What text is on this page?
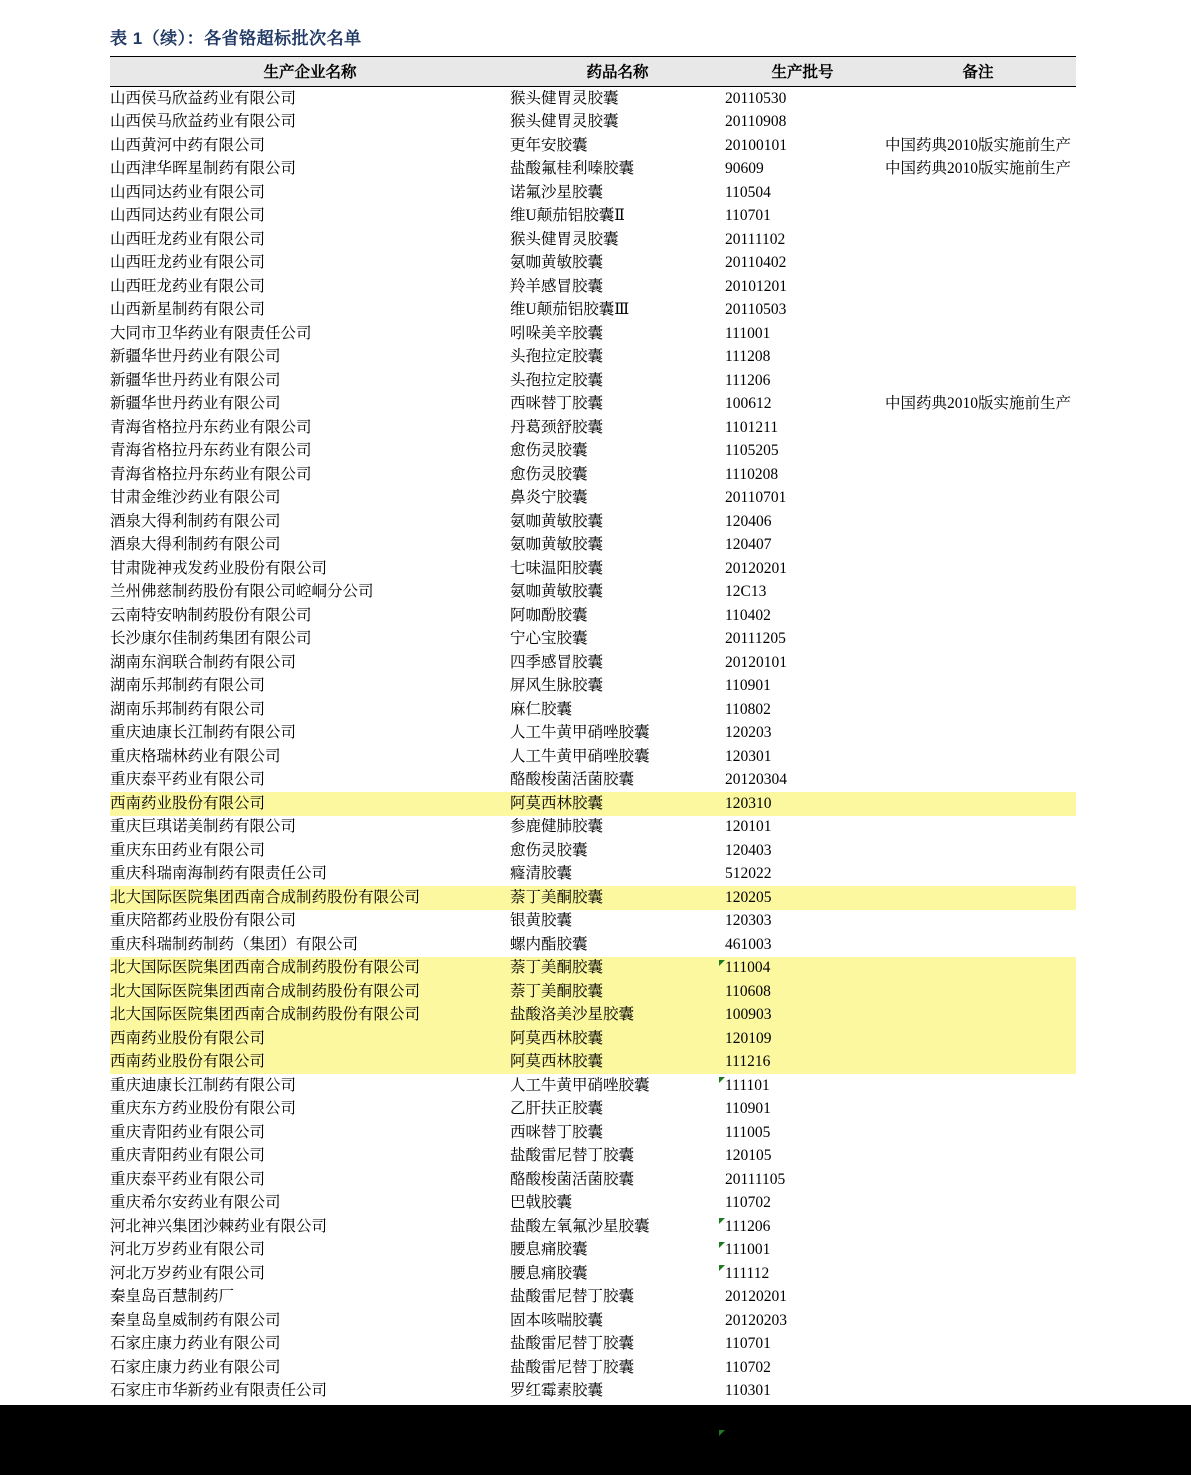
表 1（续）：各省铬超标批次名单
生产企业名称	药品名称	生产批号	备注
山西侯马欣益药业有限公司	猴头健胃灵胶囊	20110530	
山西侯马欣益药业有限公司	猴头健胃灵胶囊	20110908	
山西黄河中药有限公司	更年安胶囊	20100101	中国药典2010版实施前生产
山西津华晖星制药有限公司	盐酸氟桂利嗪胶囊	90609	中国药典2010版实施前生产
山西同达药业有限公司	诺氟沙星胶囊	110504	
山西同达药业有限公司	维U颠茄铝胶囊Ⅱ	110701	
山西旺龙药业有限公司	猴头健胃灵胶囊	20111102	
山西旺龙药业有限公司	氨咖黄敏胶囊	20110402	
山西旺龙药业有限公司	羚羊感冒胶囊	20101201	
山西新星制药有限公司	维U颠茄铝胶囊Ⅲ	20110503	
大同市卫华药业有限责任公司	吲哚美辛胶囊	111001	
新疆华世丹药业有限公司	头孢拉定胶囊	111208	
新疆华世丹药业有限公司	头孢拉定胶囊	111206	
新疆华世丹药业有限公司	西咪替丁胶囊	100612	中国药典2010版实施前生产
青海省格拉丹东药业有限公司	丹葛颈舒胶囊	1101211	
青海省格拉丹东药业有限公司	愈伤灵胶囊	1105205	
青海省格拉丹东药业有限公司	愈伤灵胶囊	1110208	
甘肃金维沙药业有限公司	鼻炎宁胶囊	20110701	
酒泉大得利制药有限公司	氨咖黄敏胶囊	120406	
酒泉大得利制药有限公司	氨咖黄敏胶囊	120407	
甘肃陇神戎发药业股份有限公司	七味温阳胶囊	20120201	
兰州佛慈制药股份有限公司崆峒分公司	氨咖黄敏胶囊	12C13	
云南特安呐制药股份有限公司	阿咖酚胶囊	110402	
长沙康尔佳制药集团有限公司	宁心宝胶囊	20111205	
湖南东润联合制药有限公司	四季感冒胶囊	20120101	
湖南乐邦制药有限公司	屏风生脉胶囊	110901	
湖南乐邦制药有限公司	麻仁胶囊	110802	
重庆迪康长江制药有限公司	人工牛黄甲硝唑胶囊	120203	
重庆格瑞林药业有限公司	人工牛黄甲硝唑胶囊	120301	
重庆泰平药业有限公司	酪酸梭菌活菌胶囊	20120304	
西南药业股份有限公司	阿莫西林胶囊	120310	
重庆巨琪诺美制药有限公司	参鹿健肺胶囊	120101	
重庆东田药业有限公司	愈伤灵胶囊	120403	
重庆科瑞南海制药有限责任公司	癃清胶囊	512022	
北大国际医院集团西南合成制药股份有限公司	萘丁美酮胶囊	120205	
重庆陪都药业股份有限公司	银黄胶囊	120303	
重庆科瑞制药制药（集团）有限公司	螺内酯胶囊	461003	
北大国际医院集团西南合成制药股份有限公司	萘丁美酮胶囊	111004	
北大国际医院集团西南合成制药股份有限公司	萘丁美酮胶囊	110608	
北大国际医院集团西南合成制药股份有限公司	盐酸洛美沙星胶囊	100903	
西南药业股份有限公司	阿莫西林胶囊	120109	
西南药业股份有限公司	阿莫西林胶囊	111216	
重庆迪康长江制药有限公司	人工牛黄甲硝唑胶囊	111101	
重庆东方药业股份有限公司	乙肝扶正胶囊	110901	
重庆青阳药业有限公司	西咪替丁胶囊	111005	
重庆青阳药业有限公司	盐酸雷尼替丁胶囊	120105	
重庆泰平药业有限公司	酪酸梭菌活菌胶囊	20111105	
重庆希尔安药业有限公司	巴戟胶囊	110702	
河北神兴集团沙棘药业有限公司	盐酸左氧氟沙星胶囊	111206	
河北万岁药业有限公司	腰息痛胶囊	111001	
河北万岁药业有限公司	腰息痛胶囊	111112	
秦皇岛百慧制药厂	盐酸雷尼替丁胶囊	20120201	
秦皇岛皇威制药有限公司	固本咳喘胶囊	20120203	
石家庄康力药业有限公司	盐酸雷尼替丁胶囊	110701	
石家庄康力药业有限公司	盐酸雷尼替丁胶囊	110702	
石家庄市华新药业有限责任公司	罗红霉素胶囊	110301	
河北康泰药业有限公司	诺氟沙星胶囊	110705	
邯郸市柏林药业有限公司	人工牛黄甲硝唑胶囊	100902	中国药典2010版实施前生产
济南明鑫制药有限公司	奥美拉唑肠溶胶囊	12021001	
